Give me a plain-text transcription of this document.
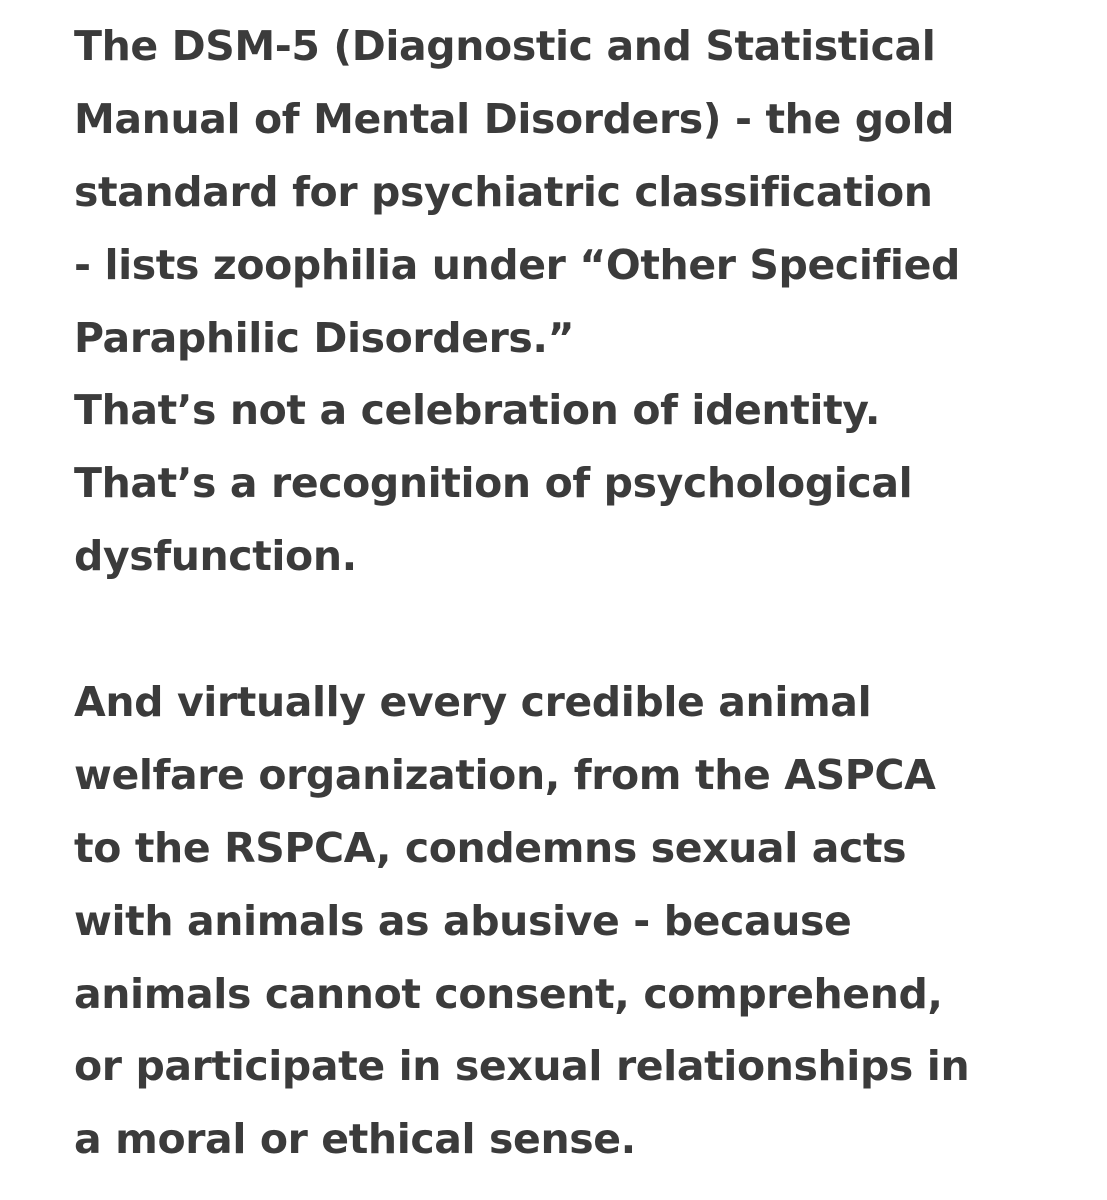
The DSM-5 (Diagnostic and Statistical
Manual of Mental Disorders) - the gold
standard for psychiatric classification
- lists zoophilia under “Other Specified
Paraphilic Disorders.”
That’s not a celebration of identity.
That’s a recognition of psychological
dysfunction.
And virtually every credible animal
welfare organization, from the ASPCA
to the RSPCA, condemns sexual acts
with animals as abusive - because
animals cannot consent, comprehend,
or participate in sexual relationships in
a moral or ethical sense.
